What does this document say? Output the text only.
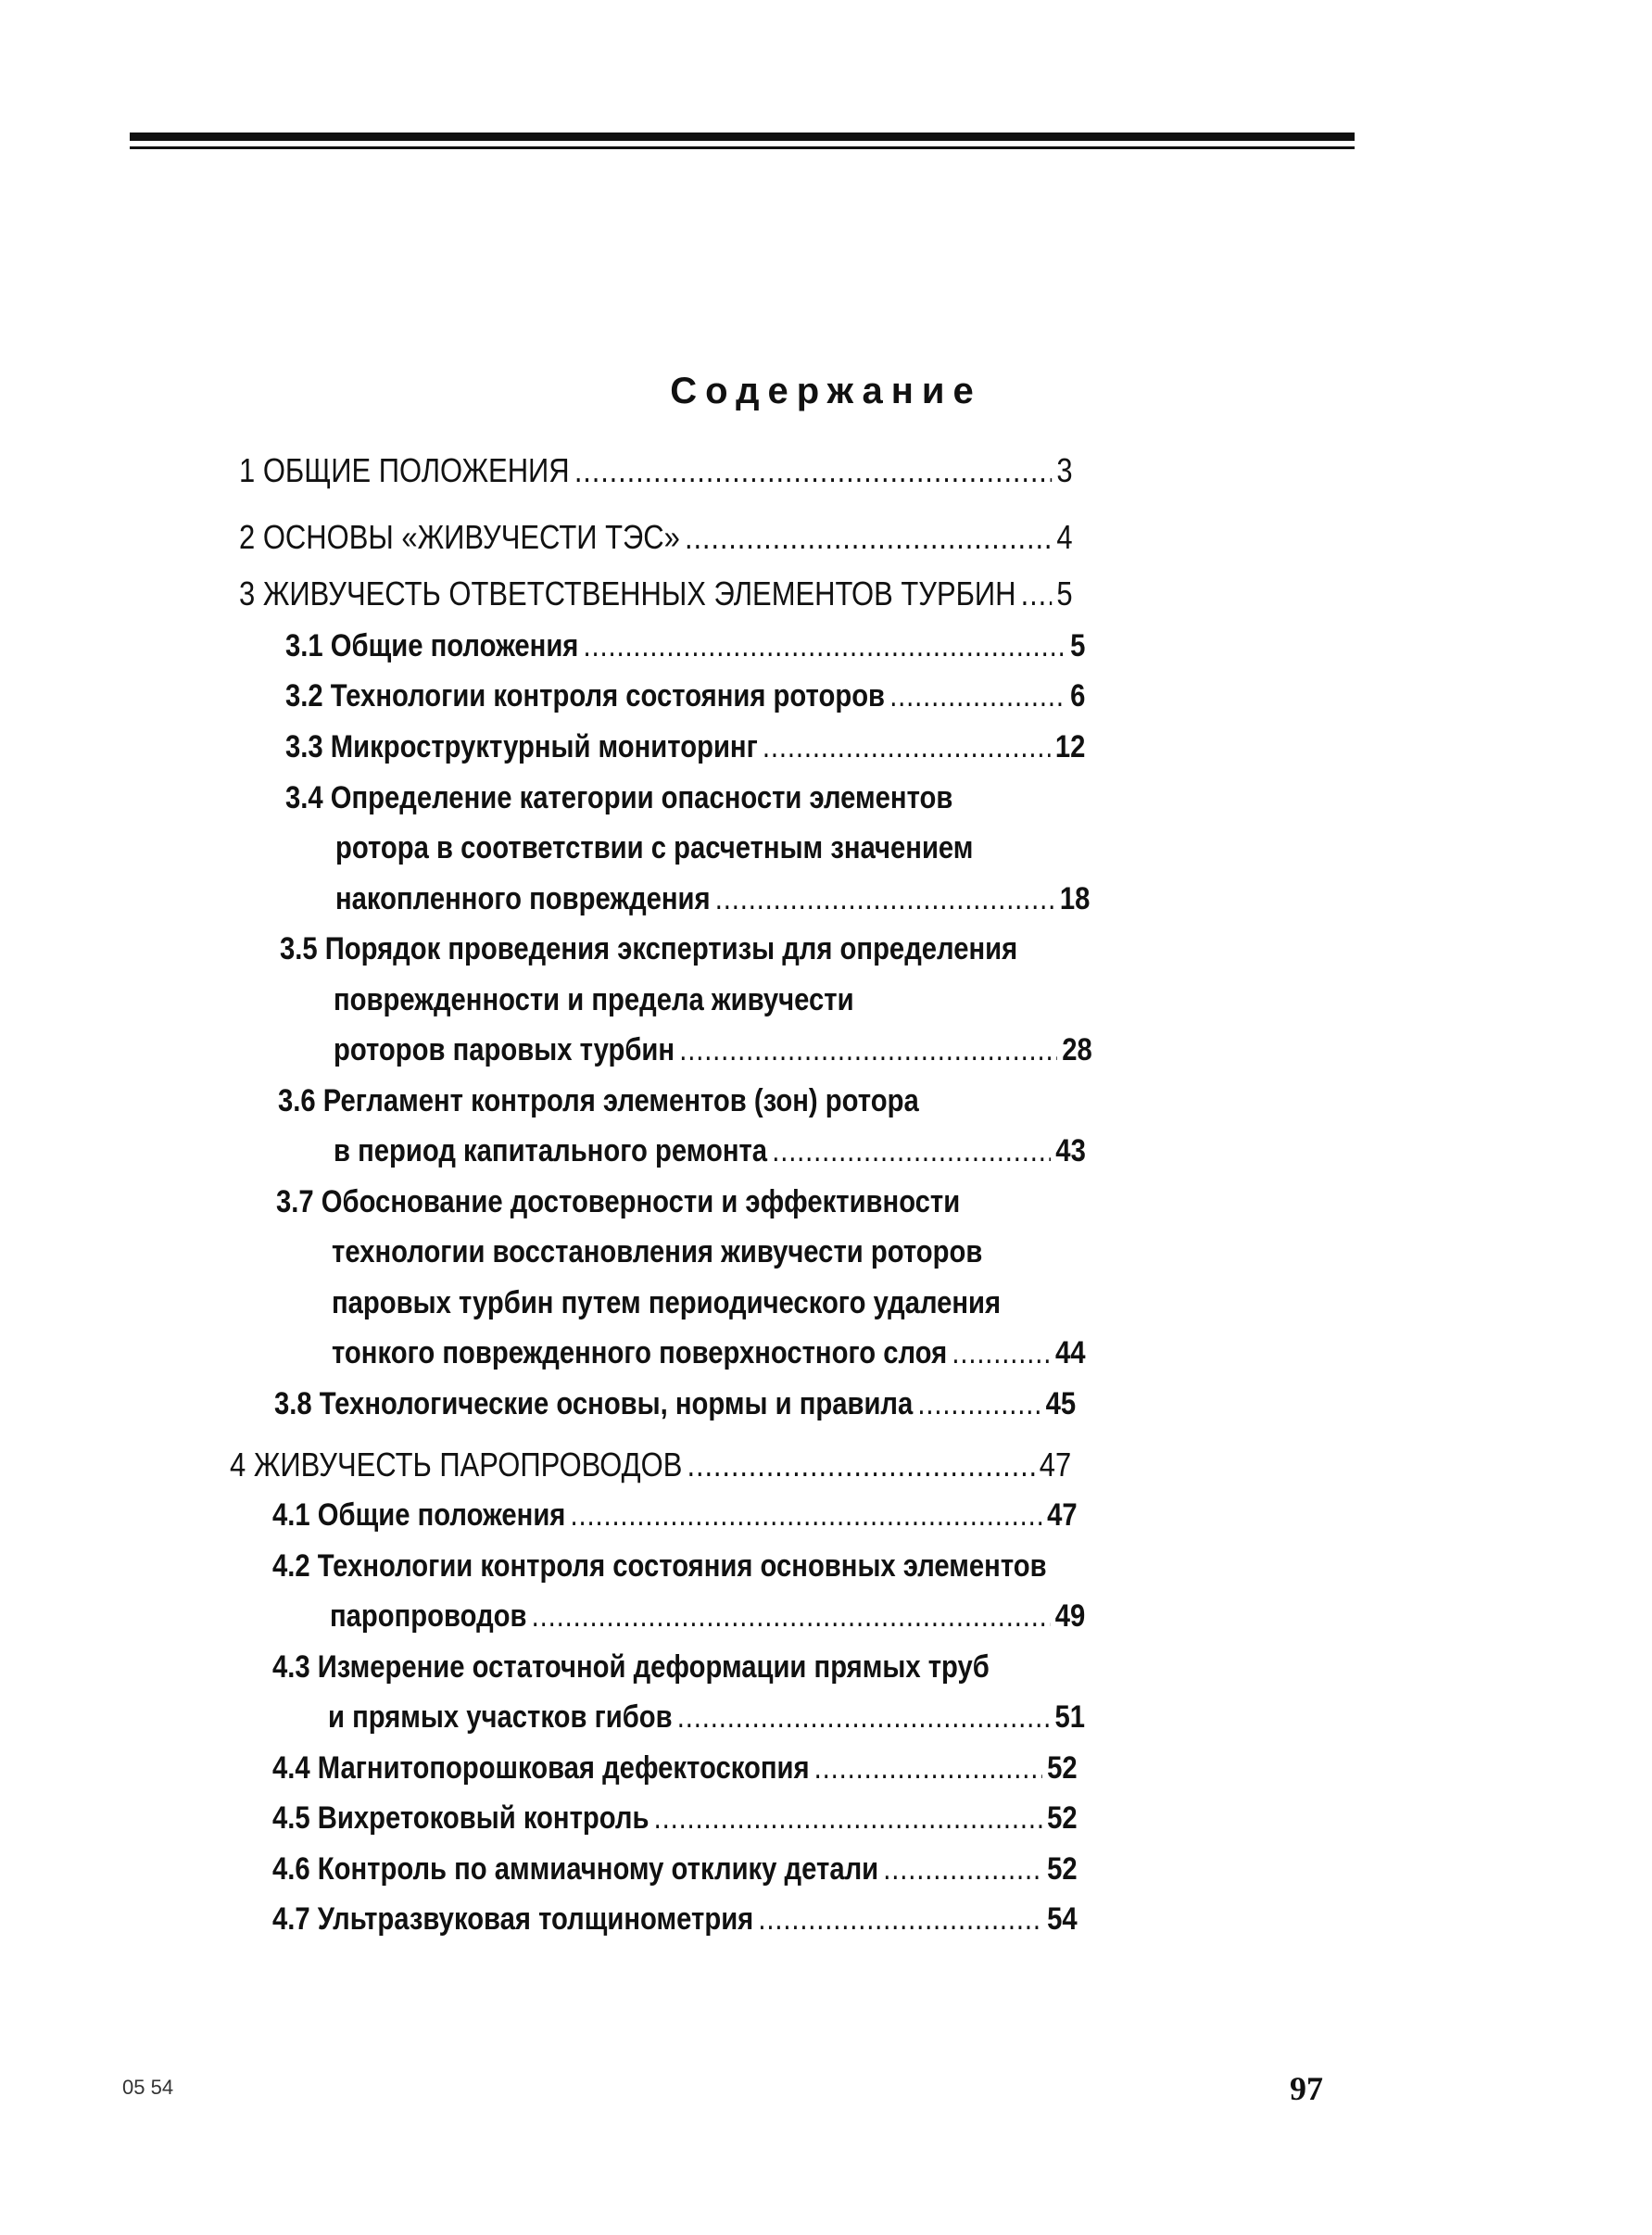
Содержание
1 ОБЩИЕ ПОЛОЖЕНИЯ .....	3
2 ОСНОВЫ «ЖИВУЧЕСТИ ТЭС» .....	4
3 ЖИВУЧЕСТЬ ОТВЕТСТВЕННЫХ ЭЛЕМЕНТОВ ТУРБИН ..... 5
3.1 Общие положения .....	5
3.2 Технологии контроля состояния роторов .....	6
3.3 Микроструктурный мониторинг .....	12
3.4 Определение категории опасности элементов
ротора в соответствии с расчетным значением
накопленного повреждения .....	18
3.5 Порядок проведения экспертизы для определения
поврежденности и предела живучести
роторов паровых турбин .....	28
3.6 Регламент контроля элементов (зон) ротора
в период капитального ремонта .....	43
3.7 Обоснование достоверности и эффективности
технологии восстановления живучести роторов
паровых турбин путем периодического удаления
тонкого поврежденного поверхностного слоя .....	44
3.8 Технологические основы, нормы и правила .....	45
4 ЖИВУЧЕСТЬ ПАРОПРОВОДОВ .....	47
4.1 Общие положения .....	47
4.2 Технологии контроля состояния основных элементов
паропроводов .....	49
4.3 Измерение остаточной деформации прямых труб
и прямых участков гибов .....	51
4.4 Магнитопорошковая дефектоскопия .....	52
4.5 Вихретоковый контроль .....	52
4.6 Контроль по аммиачному отклику детали .....	52
4.7 Ультразвуковая толщинометрия .....	54
05 54	97
